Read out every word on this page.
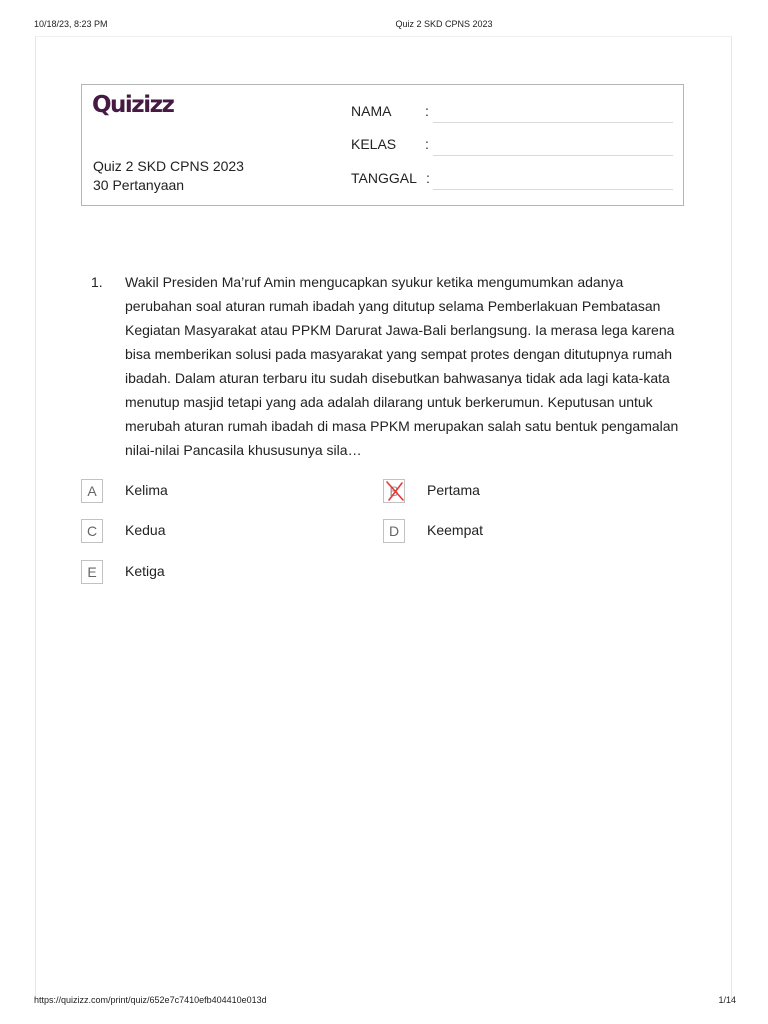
10/18/23, 8:23 PM	Quiz 2 SKD CPNS 2023
Quizizz
Quiz 2 SKD CPNS 2023
30 Pertanyaan
NAMA :
KELAS :
TANGGAL :
1. Wakil Presiden Ma’ruf Amin mengucapkan syukur ketika mengumumkan adanya perubahan soal aturan rumah ibadah yang ditutup selama Pemberlakuan Pembatasan Kegiatan Masyarakat atau PPKM Darurat Jawa-Bali berlangsung. Ia merasa lega karena bisa memberikan solusi pada masyarakat yang sempat protes dengan ditutupnya rumah ibadah. Dalam aturan terbaru itu sudah disebutkan bahwasanya tidak ada lagi kata-kata menutup masjid tetapi yang ada adalah dilarang untuk berkerumun. Keputusan untuk merubah aturan rumah ibadah di masa PPKM merupakan salah satu bentuk pengamalan nilai-nilai Pancasila khususunya sila…
A	Kelima	B	Pertama
C	Kedua	D	Keempat
E	Ketiga
https://quizizz.com/print/quiz/652e7c7410efb404410e013d	1/14
